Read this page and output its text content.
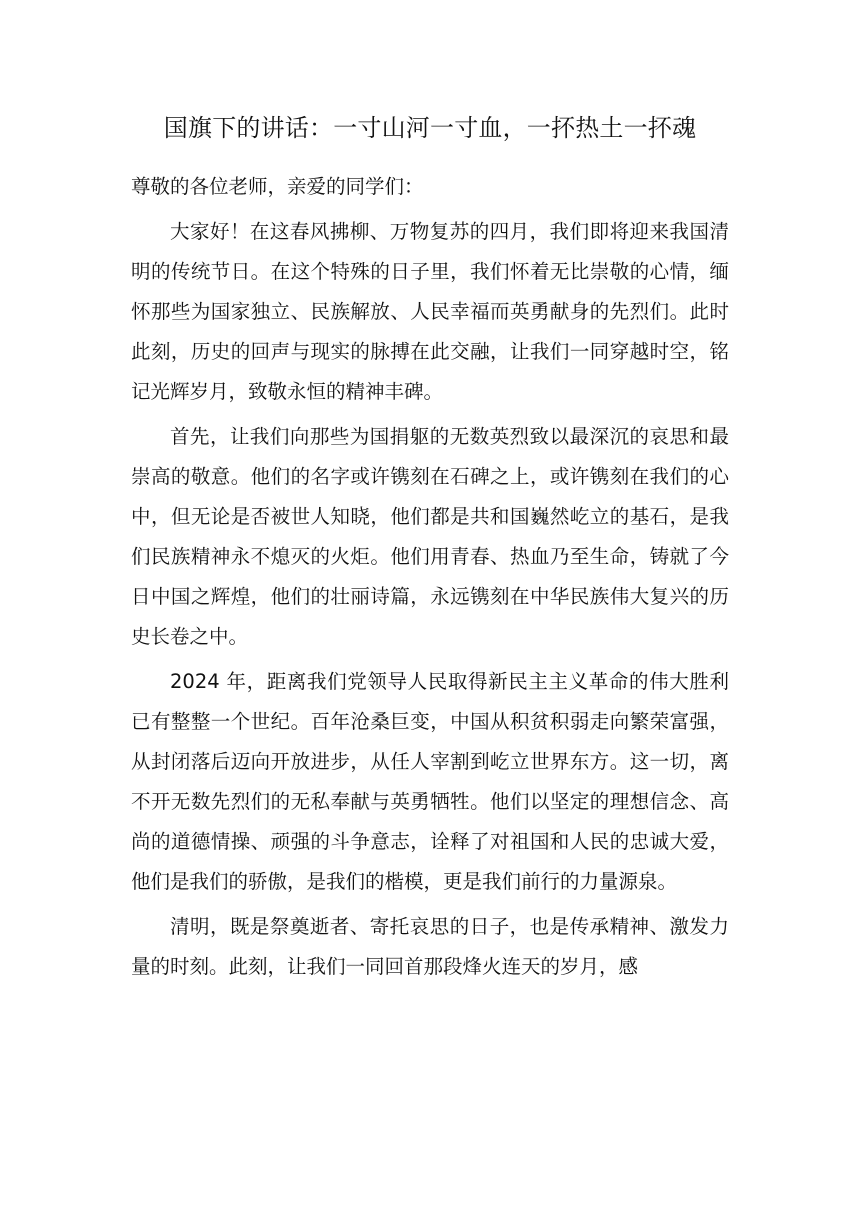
国旗下的讲话：一寸山河一寸血，一抔热土一抔魂

尊敬的各位老师，亲爱的同学们：

大家好！在这春风拂柳、万物复苏的四月，我们即将迎来我国清明的传统节日。在这个特殊的日子里，我们怀着无比崇敬的心情，缅怀那些为国家独立、民族解放、人民幸福而英勇献身的先烈们。此时此刻，历史的回声与现实的脉搏在此交融，让我们一同穿越时空，铭记光辉岁月，致敬永恒的精神丰碑。

首先，让我们向那些为国捐躯的无数英烈致以最深沉的哀思和最崇高的敬意。他们的名字或许镌刻在石碑之上，或许镌刻在我们的心中，但无论是否被世人知晓，他们都是共和国巍然屹立的基石，是我们民族精神永不熄灭的火炬。他们用青春、热血乃至生命，铸就了今日中国之辉煌，他们的壮丽诗篇，永远镌刻在中华民族伟大复兴的历史长卷之中。

2024 年，距离我们党领导人民取得新民主主义革命的伟大胜利已有整整一个世纪。百年沧桑巨变，中国从积贫积弱走向繁荣富强，从封闭落后迈向开放进步，从任人宰割到屹立世界东方。这一切，离不开无数先烈们的无私奉献与英勇牺牲。他们以坚定的理想信念、高尚的道德情操、顽强的斗争意志，诠释了对祖国和人民的忠诚大爱，他们是我们的骄傲，是我们的楷模，更是我们前行的力量源泉。

清明，既是祭奠逝者、寄托哀思的日子，也是传承精神、激发力量的时刻。此刻，让我们一同回首那段烽火连天的岁月，感
